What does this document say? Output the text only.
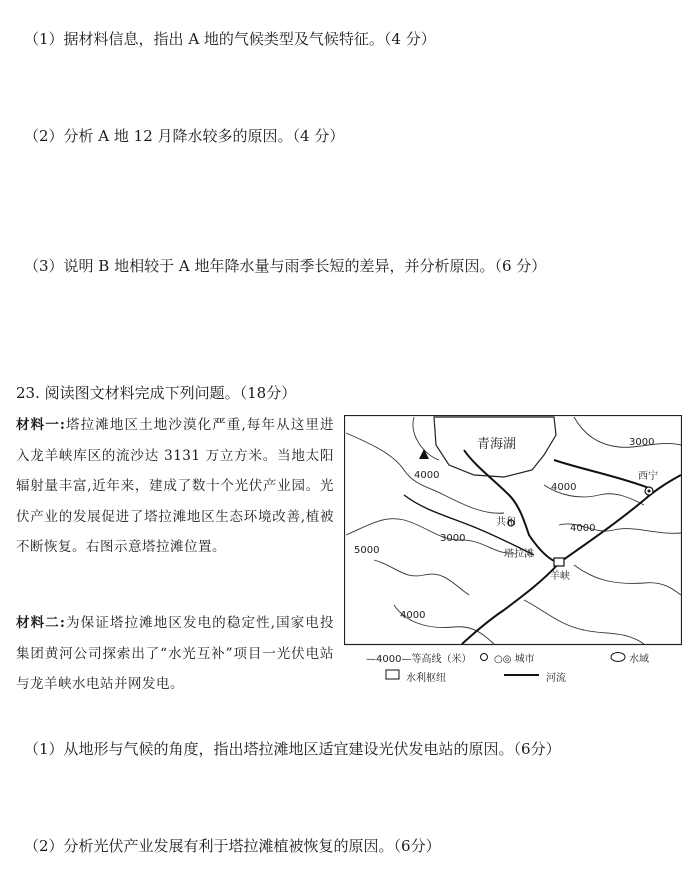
（1）据材料信息，指出 A 地的气候类型及气候特征。（4 分）
（2）分析 A 地 12 月降水较多的原因。（4 分）
（3）说明 B 地相较于 A 地年降水量与雨季长短的差异，并分析原因。（6 分）
23. 阅读图文材料完成下列问题。（18分）
材料一:塔拉滩地区土地沙漠化严重,每年从这里进入龙羊峡库区的流沙达 3131 万立方米。当地太阳辐射量丰富,近年来，建成了数十个光伏产业园。光伏产业的发展促进了塔拉滩地区生态环境改善,植被不断恢复。右图示意塔拉滩位置。
材料二:为保证塔拉滩地区发电的稳定性,国家电投集团黄河公司探索出了“水光互补”项目一光伏电站与龙羊峡水电站并网发电。
青海湖
西宁
共和
塔拉滩
羊峡
4000
4000
4000
4000
3000
3000
5000
—4000—等高线（米） ○◎ 城市	水域
水利枢纽	河流
（1）从地形与气候的角度，指出塔拉滩地区适宜建设光伏发电站的原因。（6分）
（2）分析光伏产业发展有利于塔拉滩植被恢复的原因。（6分）
